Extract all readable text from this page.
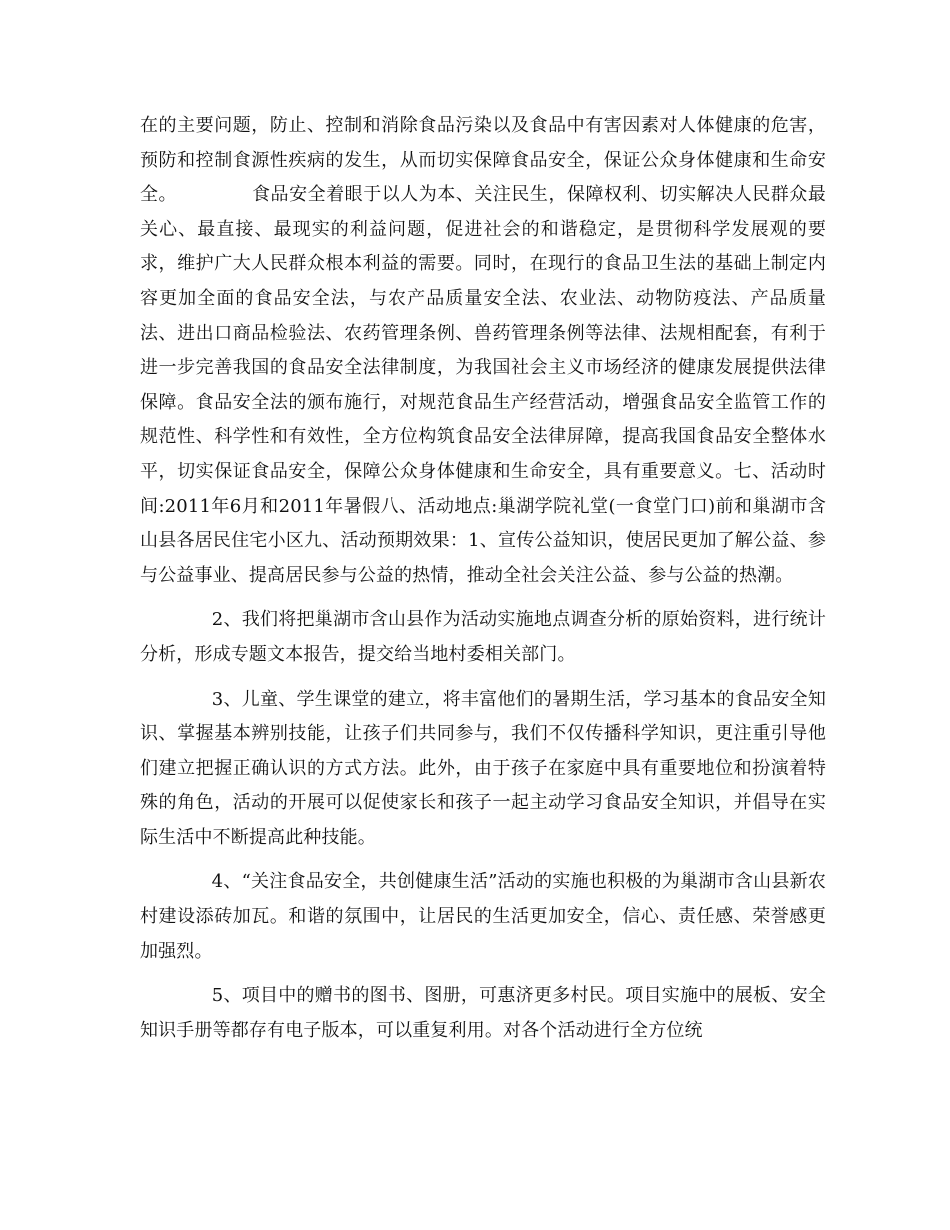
在的主要问题，防止、控制和消除食品污染以及食品中有害因素对人体健康的危害，预防和控制食源性疾病的发生，从而切实保障食品安全，保证公众身体健康和生命安全。            食品安全着眼于以人为本、关注民生，保障权利、切实解决人民群众最关心、最直接、最现实的利益问题，促进社会的和谐稳定，是贯彻科学发展观的要求，维护广大人民群众根本利益的需要。同时，在现行的食品卫生法的基础上制定内容更加全面的食品安全法，与农产品质量安全法、农业法、动物防疫法、产品质量法、进出口商品检验法、农药管理条例、兽药管理条例等法律、法规相配套，有利于进一步完善我国的食品安全法律制度，为我国社会主义市场经济的健康发展提供法律保障。食品安全法的颁布施行，对规范食品生产经营活动，增强食品安全监管工作的规范性、科学性和有效性，全方位构筑食品安全法律屏障，提高我国食品安全整体水平，切实保证食品安全，保障公众身体健康和生命安全，具有重要意义。七、活动时间:2011年6月和2011年暑假八、活动地点:巢湖学院礼堂(一食堂门口)前和巢湖市含山县各居民住宅小区九、活动预期效果：1、宣传公益知识，使居民更加了解公益、参与公益事业、提高居民参与公益的热情，推动全社会关注公益、参与公益的热潮。

2、我们将把巢湖市含山县作为活动实施地点调查分析的原始资料，进行统计分析，形成专题文本报告，提交给当地村委相关部门。

3、儿童、学生课堂的建立，将丰富他们的暑期生活，学习基本的食品安全知识、掌握基本辨别技能，让孩子们共同参与，我们不仅传播科学知识，更注重引导他们建立把握正确认识的方式方法。此外，由于孩子在家庭中具有重要地位和扮演着特殊的角色，活动的开展可以促使家长和孩子一起主动学习食品安全知识，并倡导在实际生活中不断提高此种技能。

4、“关注食品安全，共创健康生活”活动的实施也积极的为巢湖市含山县新农村建设添砖加瓦。和谐的氛围中，让居民的生活更加安全，信心、责任感、荣誉感更加强烈。

5、项目中的赠书的图书、图册，可惠济更多村民。项目实施中的展板、安全知识手册等都存有电子版本，可以重复利用。对各个活动进行全方位统
